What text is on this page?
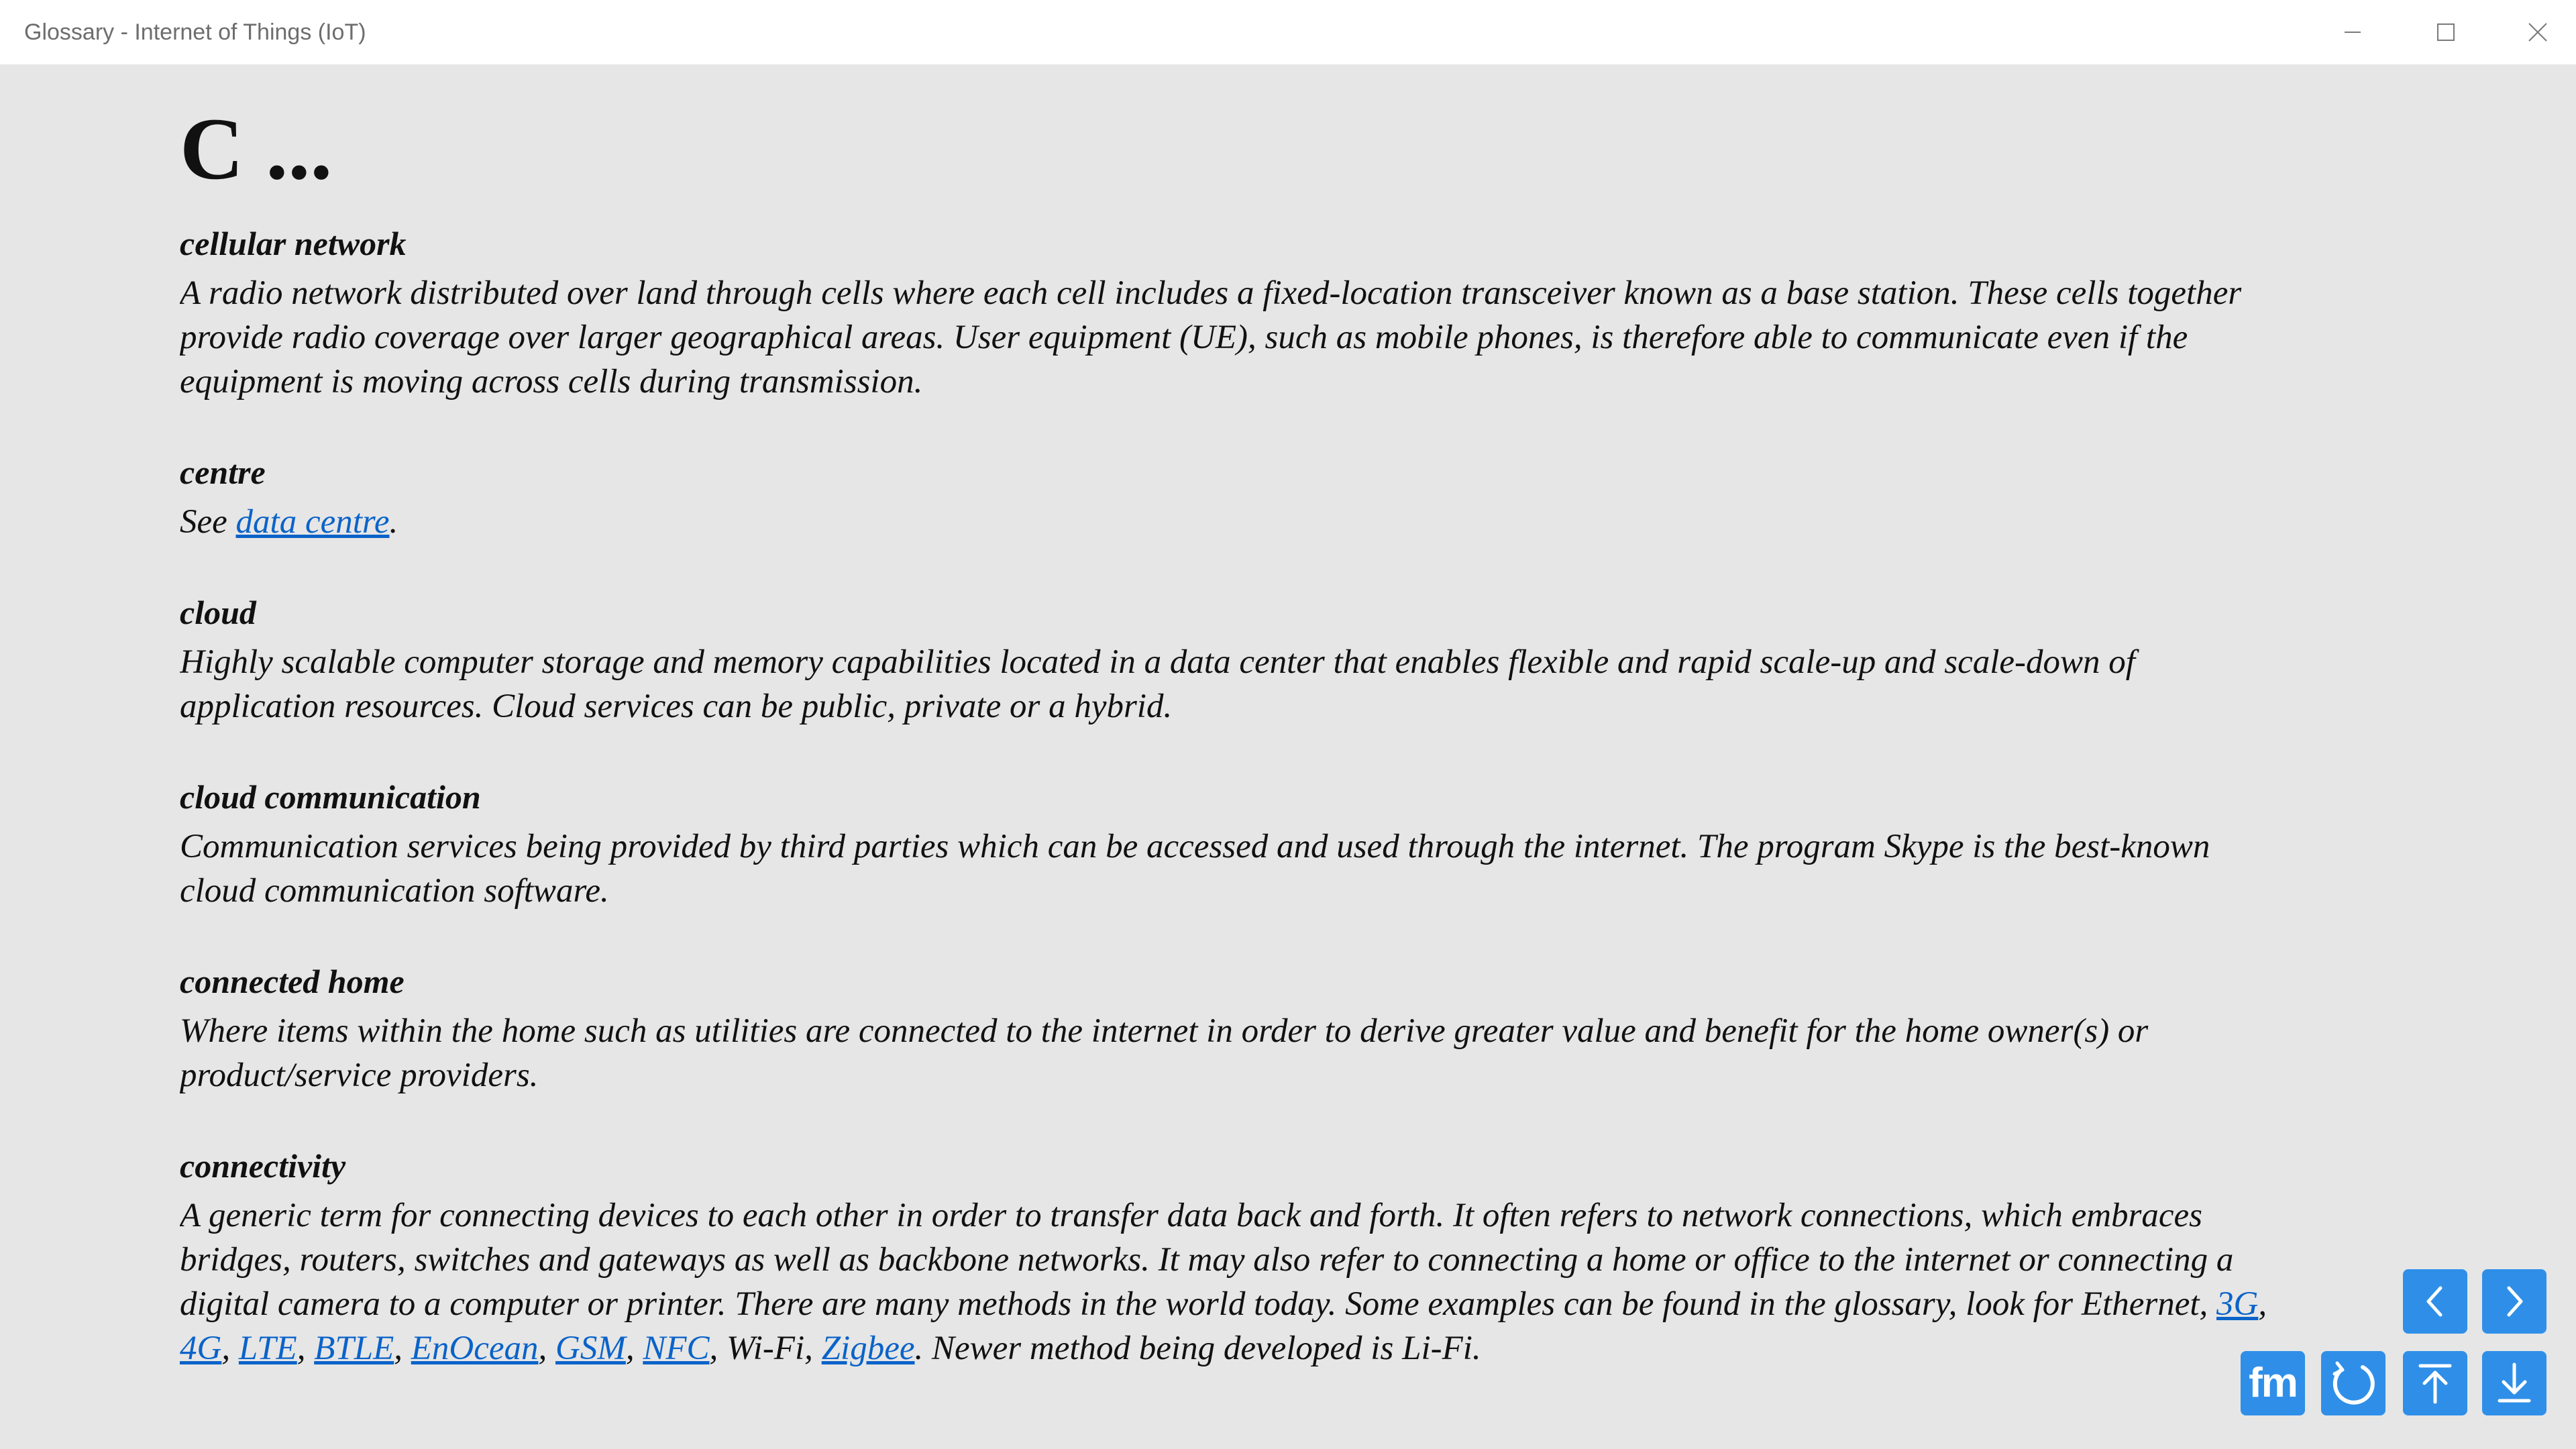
Glossary - Internet of Things (IoT)
C ...
cellular network
A radio network distributed over land through cells where each cell includes a fixed-location transceiver known as a base station. These cells together
provide radio coverage over larger geographical areas. User equipment (UE), such as mobile phones, is therefore able to communicate even if the
equipment is moving across cells during transmission.
centre
See data centre.
cloud
Highly scalable computer storage and memory capabilities located in a data center that enables flexible and rapid scale-up and scale-down of
application resources. Cloud services can be public, private or a hybrid.
cloud communication
Communication services being provided by third parties which can be accessed and used through the internet. The program Skype is the best-known
cloud communication software.
connected home
Where items within the home such as utilities are connected to the internet in order to derive greater value and benefit for the home owner(s) or
product/service providers.
connectivity
A generic term for connecting devices to each other in order to transfer data back and forth. It often refers to network connections, which embraces
bridges, routers, switches and gateways as well as backbone networks. It may also refer to connecting a home or office to the internet or connecting a
digital camera to a computer or printer. There are many methods in the world today. Some examples can be found in the glossary, look for Ethernet, 3G,
4G, LTE, BTLE, EnOcean, GSM, NFC, Wi-Fi, Zigbee. Newer method being developed is Li-Fi.
fm
